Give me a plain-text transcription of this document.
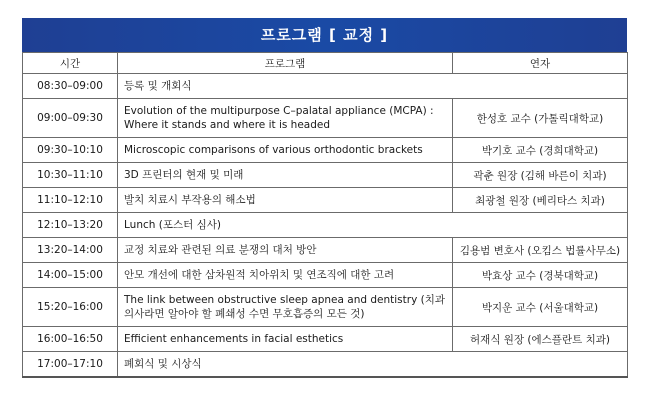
프로그램 [ 교정 ]
시간	프로그램	연자
08:30–09:00	등록 및 개회식	
09:00–09:30	Evolution of the multipurpose C–palatal appliance (MCPA) : Where it stands and where it is headed	한성호 교수 (가톨릭대학교)
09:30–10:10	Microscopic comparisons of various orthodontic brackets	박기호 교수 (경희대학교)
10:30–11:10	3D 프린터의 현재 및 미래	곽춘 원장 (김해 바른이 치과)
11:10–12:10	발치 치료시 부작용의 해소법	최광철 원장 (베리타스 치과)
12:10–13:20	Lunch (포스터 심사)	
13:20–14:00	교정 치료와 관련된 의료 분쟁의 대처 방안	김용범 변호사 (오킴스 법률사무소)
14:00–15:00	안모 개선에 대한 삼차원적 치아위치 및 연조직에 대한 고려	박효상 교수 (경북대학교)
15:20–16:00	The link between obstructive sleep apnea and dentistry (치과의사라면 알아야 할 폐쇄성 수면 무호흡증의 모든 것)	박지운 교수 (서울대학교)
16:00–16:50	Efficient enhancements in facial esthetics	허재식 원장 (에스플란트 치과)
17:00–17:10	폐회식 및 시상식	
